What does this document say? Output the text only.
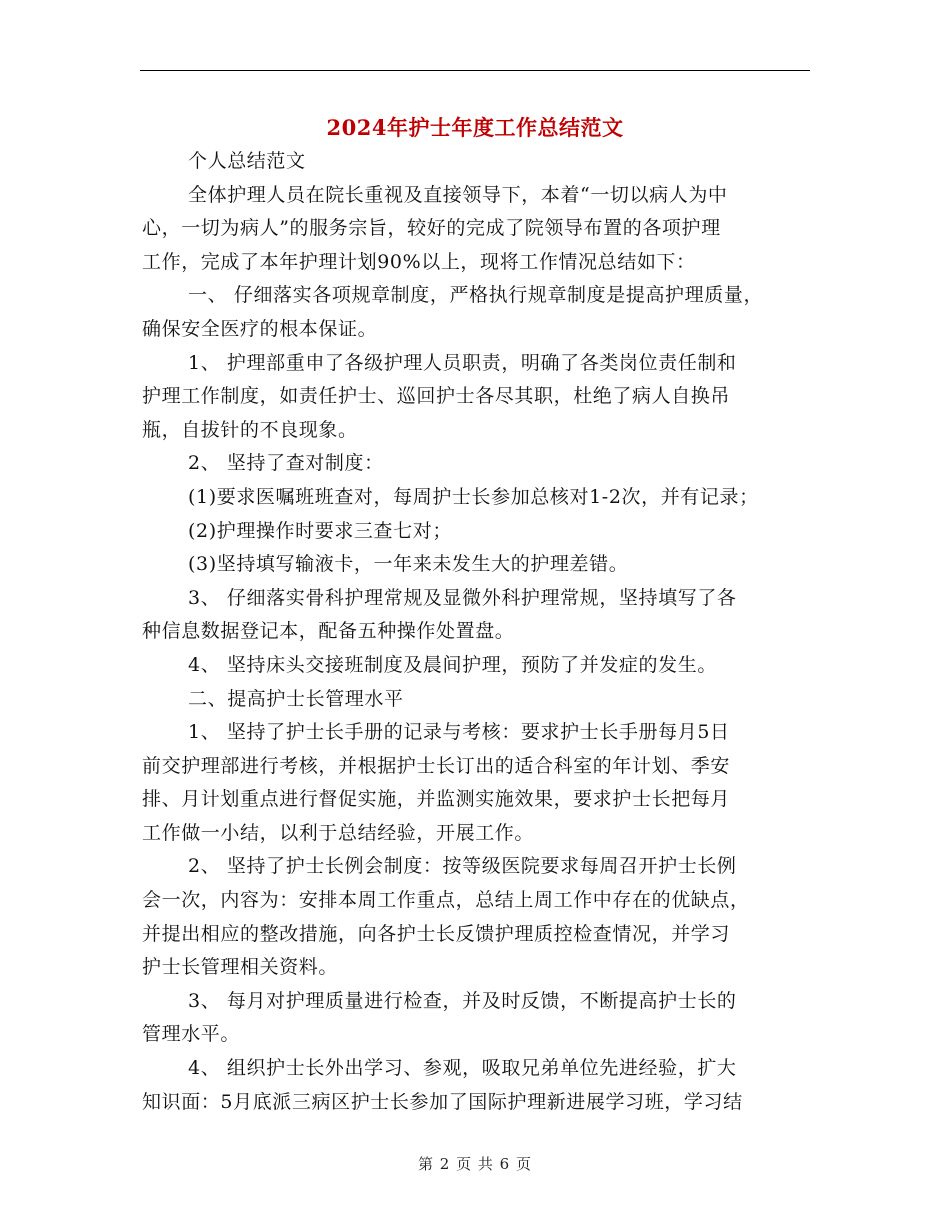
2024年护士年度工作总结范文
个人总结范文
全体护理人员在院长重视及直接领导下，本着“一切以病人为中
心，一切为病人”的服务宗旨，较好的完成了院领导布置的各项护理
工作，完成了本年护理计划90%以上，现将工作情况总结如下：
一、 仔细落实各项规章制度，严格执行规章制度是提高护理质量，
确保安全医疗的根本保证。
1、 护理部重申了各级护理人员职责，明确了各类岗位责任制和
护理工作制度，如责任护士、巡回护士各尽其职，杜绝了病人自换吊
瓶，自拔针的不良现象。
2、 坚持了查对制度：
(1)要求医嘱班班查对，每周护士长参加总核对1-2次，并有记录；
(2)护理操作时要求三查七对；
(3)坚持填写输液卡，一年来未发生大的护理差错。
3、 仔细落实骨科护理常规及显微外科护理常规，坚持填写了各
种信息数据登记本，配备五种操作处置盘。
4、 坚持床头交接班制度及晨间护理，预防了并发症的发生。
二、提高护士长管理水平
1、 坚持了护士长手册的记录与考核：要求护士长手册每月5日
前交护理部进行考核，并根据护士长订出的适合科室的年计划、季安
排、月计划重点进行督促实施，并监测实施效果，要求护士长把每月
工作做一小结，以利于总结经验，开展工作。
2、 坚持了护士长例会制度：按等级医院要求每周召开护士长例
会一次，内容为：安排本周工作重点，总结上周工作中存在的优缺点，
并提出相应的整改措施，向各护士长反馈护理质控检查情况，并学习
护士长管理相关资料。
3、 每月对护理质量进行检查，并及时反馈，不断提高护士长的
管理水平。
4、 组织护士长外出学习、参观，吸取兄弟单位先进经验，扩大
知识面：5月底派三病区护士长参加了国际护理新进展学习班，学习结
第 2 页 共 6 页
